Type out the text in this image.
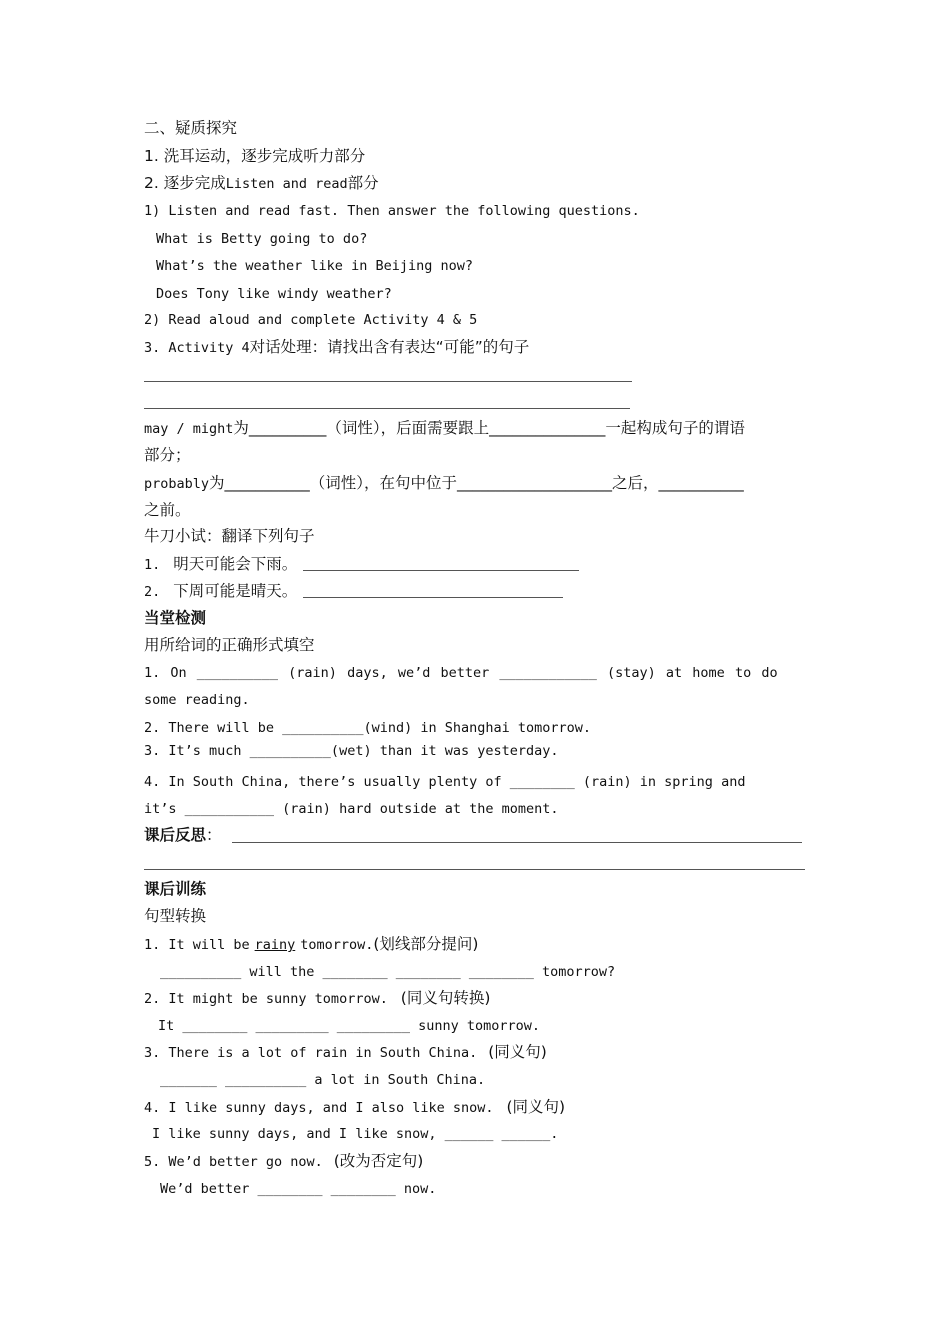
二、疑质探究
1. 洗耳运动，逐步完成听力部分
2. 逐步完成Listen and read部分
1) Listen and read fast. Then answer the following questions.
What is Betty going to do?
What’s the weather like in Beijing now?
Does Tony like windy weather?
2) Read aloud and complete Activity 4 & 5
3. Activity 4对话处理：请找出含有表达“可能”的句子
may / might为__________（词性），后面需要跟上_______________一起构成句子的谓语
部分；
probably为___________（词性），在句中位于____________________之后，___________
之前。
牛刀小试：翻译下列句子
1. 明天可能会下雨。
2. 下周可能是晴天。
当堂检测
用所给词的正确形式填空
1. On __________ (rain) days, we’d better ____________ (stay) at home to do
some reading.
2. There will be __________(wind) in Shanghai tomorrow.
3. It’s much __________(wet) than it was yesterday.
4. In South China, there’s usually plenty of ________ (rain) in spring and
it’s ___________ (rain) hard outside at the moment.
课后反思：
课后训练
句型转换
1. It will be rainy tomorrow.(划线部分提问)
__________ will the ________ ________ ________ tomorrow?
2. It might be sunny tomorrow. (同义句转换)
It ________ _________ _________ sunny tomorrow.
3. There is a lot of rain in South China. (同义句)
_______ __________ a lot in South China.
4. I like sunny days, and I also like snow. (同义句)
I like sunny days, and I like snow, ______ ______.
5. We’d better go now. (改为否定句)
We’d better ________ ________ now.
